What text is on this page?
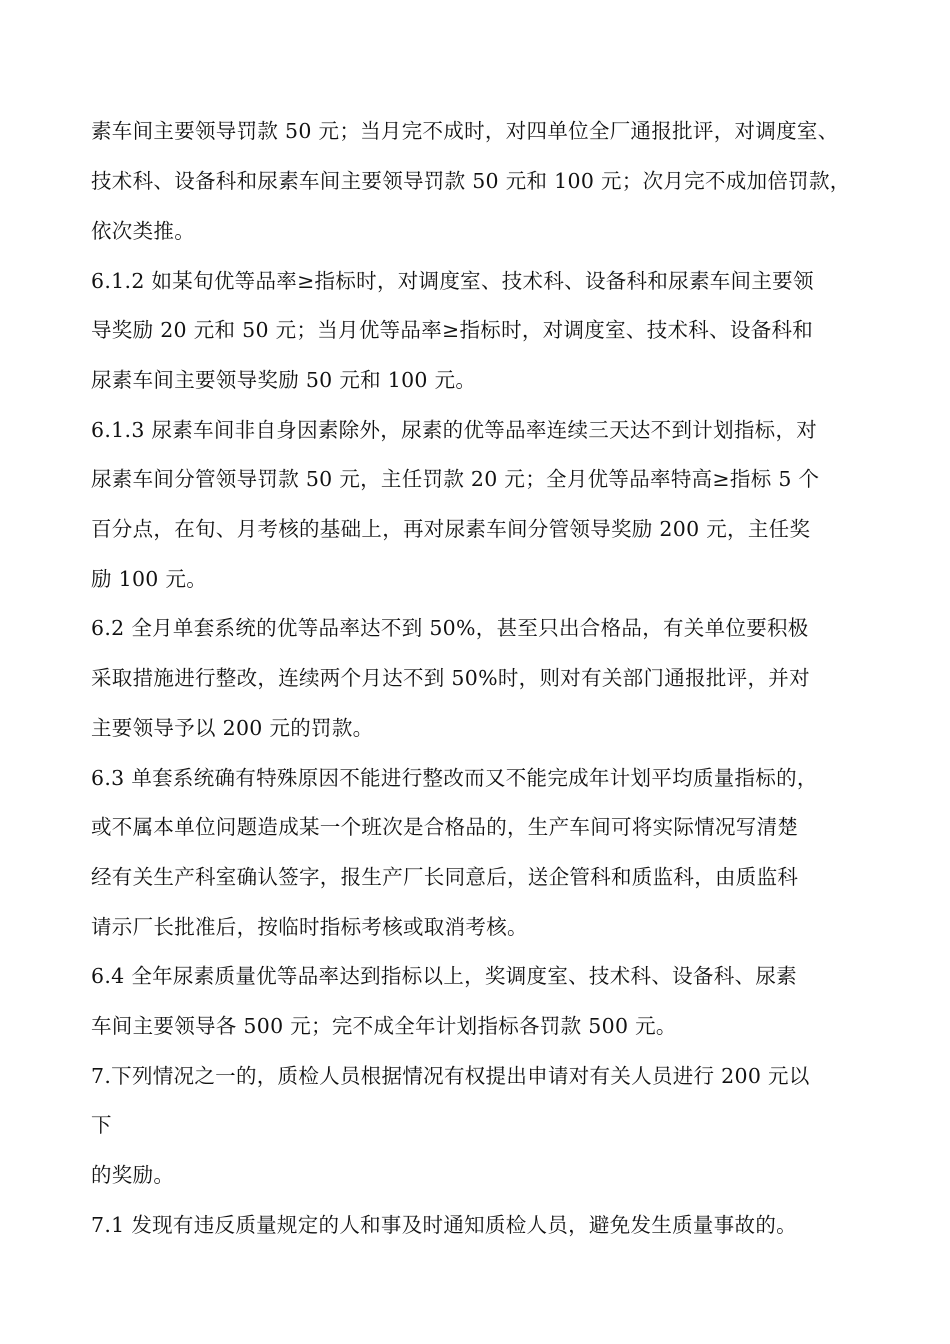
素车间主要领导罚款 50 元；当月完不成时，对四单位全厂通报批评，对调度室、
技术科、设备科和尿素车间主要领导罚款 50 元和 100 元；次月完不成加倍罚款，
依次类推。
6.1.2 如某旬优等品率≥指标时，对调度室、技术科、设备科和尿素车间主要领
导奖励 20 元和 50 元；当月优等品率≥指标时，对调度室、技术科、设备科和
尿素车间主要领导奖励 50 元和 100 元。
6.1.3 尿素车间非自身因素除外，尿素的优等品率连续三天达不到计划指标，对
尿素车间分管领导罚款 50 元，主任罚款 20 元；全月优等品率特高≥指标 5 个
百分点，在旬、月考核的基础上，再对尿素车间分管领导奖励 200 元，主任奖
励 100 元。
6.2 全月单套系统的优等品率达不到 50%，甚至只出合格品，有关单位要积极
采取措施进行整改，连续两个月达不到 50%时，则对有关部门通报批评，并对
主要领导予以 200 元的罚款。
6.3 单套系统确有特殊原因不能进行整改而又不能完成年计划平均质量指标的，
或不属本单位问题造成某一个班次是合格品的，生产车间可将实际情况写清楚
经有关生产科室确认签字，报生产厂长同意后，送企管科和质监科，由质监科
请示厂长批准后，按临时指标考核或取消考核。
6.4 全年尿素质量优等品率达到指标以上，奖调度室、技术科、设备科、尿素
车间主要领导各 500 元；完不成全年计划指标各罚款 500 元。
7.下列情况之一的，质检人员根据情况有权提出申请对有关人员进行 200 元以
下
的奖励。
7.1 发现有违反质量规定的人和事及时通知质检人员，避免发生质量事故的。
